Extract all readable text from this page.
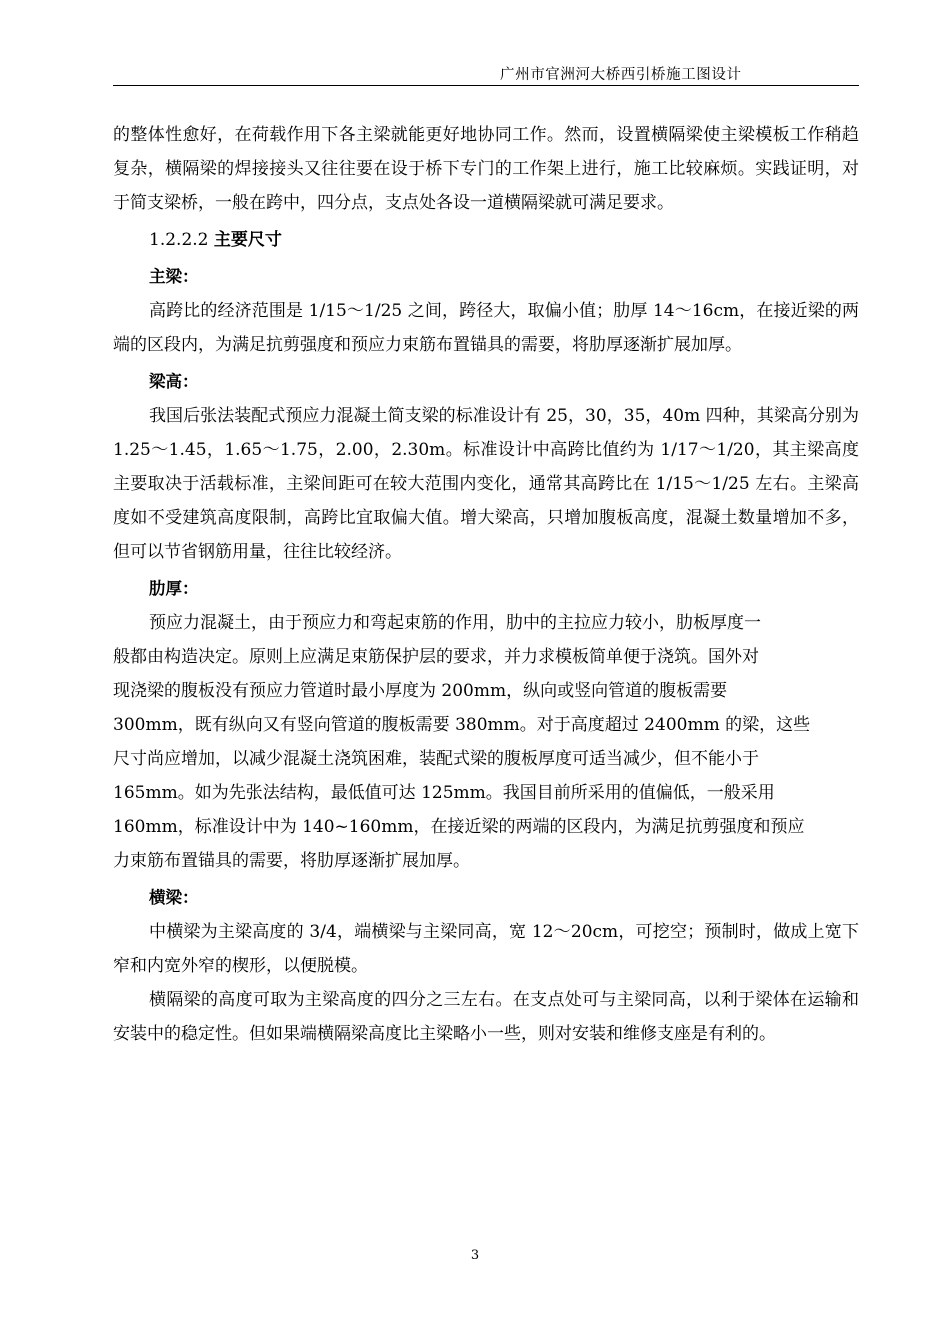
广州市官洲河大桥西引桥施工图设计

的整体性愈好，在荷载作用下各主梁就能更好地协同工作。然而，设置横隔梁使主梁模板工作稍趋复杂，横隔梁的焊接接头又往往要在设于桥下专门的工作架上进行，施工比较麻烦。实践证明，对于简支梁桥，一般在跨中，四分点，支点处各设一道横隔梁就可满足要求。

1.2.2.2 主要尺寸

主梁：

高跨比的经济范围是 1/15～1/25 之间，跨径大，取偏小值；肋厚 14～16cm，在接近梁的两端的区段内，为满足抗剪强度和预应力束筋布置锚具的需要，将肋厚逐渐扩展加厚。

梁高：

我国后张法装配式预应力混凝土简支梁的标准设计有 25，30，35，40m 四种，其梁高分别为 1.25～1.45，1.65～1.75，2.00，2.30m。标准设计中高跨比值约为 1/17～1/20，其主梁高度主要取决于活载标准，主梁间距可在较大范围内变化，通常其高跨比在 1/15～1/25 左右。主梁高度如不受建筑高度限制，高跨比宜取偏大值。增大梁高，只增加腹板高度，混凝土数量增加不多，但可以节省钢筋用量，往往比较经济。

肋厚：

预应力混凝土，由于预应力和弯起束筋的作用，肋中的主拉应力较小，肋板厚度一
般都由构造决定。原则上应满足束筋保护层的要求，并力求模板简单便于浇筑。国外对
现浇梁的腹板没有预应力管道时最小厚度为 200mm，纵向或竖向管道的腹板需要
300mm，既有纵向又有竖向管道的腹板需要 380mm。对于高度超过 2400mm 的梁，这些
尺寸尚应增加，以减少混凝土浇筑困难，装配式梁的腹板厚度可适当减少，但不能小于
165mm。如为先张法结构，最低值可达 125mm。我国目前所采用的值偏低，一般采用
160mm，标准设计中为 140~160mm，在接近梁的两端的区段内，为满足抗剪强度和预应
力束筋布置锚具的需要，将肋厚逐渐扩展加厚。

横梁：

中横梁为主梁高度的 3/4，端横梁与主梁同高，宽 12～20cm，可挖空；预制时，做成上宽下窄和内宽外窄的楔形，以便脱模。

横隔梁的高度可取为主梁高度的四分之三左右。在支点处可与主梁同高，以利于梁体在运输和安装中的稳定性。但如果端横隔梁高度比主梁略小一些，则对安装和维修支座是有利的。

3
